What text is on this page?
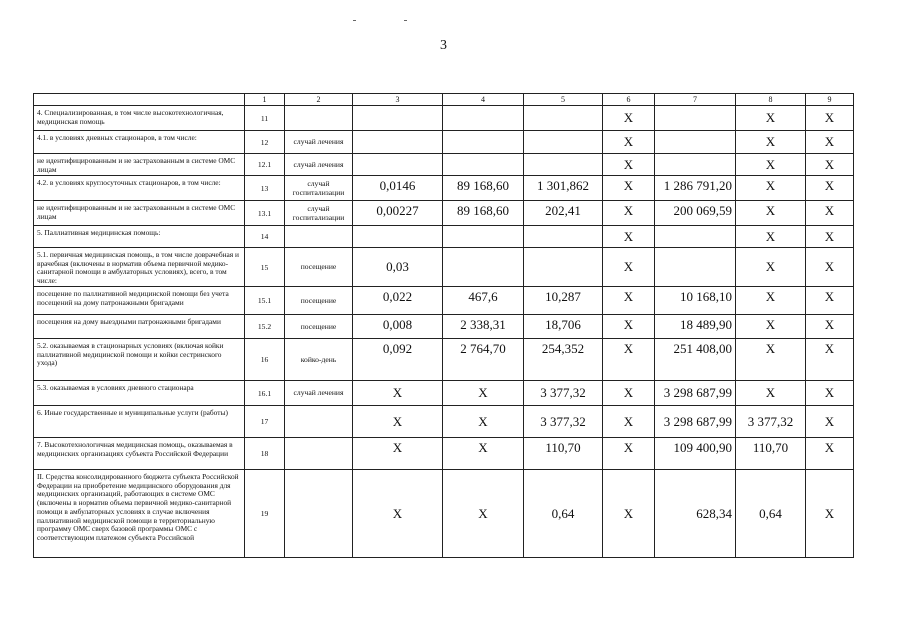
3
	1	2	3	4	5	6	7	8	9
4. Специализированная, в том числе высокотехнологичная, медицинская помощь	11					X		X	X
4.1. в условиях дневных стационаров, в том числе:	12	случай лечения				X		X	X
не идентифицированным и не застрахованным в системе ОМС лицам	12.1	случай лечения				X		X	X
4.2. в условиях круглосуточных стационаров, в том числе:	13	случай госпитализации	0,0146	89 168,60	1 301,862	X	1 286 791,20	X	X
не идентифицированным и не застрахованным в системе ОМС лицам	13.1	случай госпитализации	0,00227	89 168,60	202,41	X	200 069,59	X	X
5. Паллиативная медицинская помощь:	14					X		X	X
5.1. первичная медицинская помощь, в том числе доврачебная и врачебная (включены в норматив объема первичной медико-санитарной помощи в амбулаторных условиях), всего, в том числе:	15	посещение	0,03			X		X	X
посещение по паллиативной медицинской помощи без учета посещений на дому патронажными бригадами	15.1	посещение	0,022	467,6	10,287	X	10 168,10	X	X
посещения на дому выездными патронажными бригадами	15.2	посещение	0,008	2 338,31	18,706	X	18 489,90	X	X
5.2. оказываемая в стационарных условиях (включая койки паллиативной медицинской помощи и койки сестринского ухода)	16	койко-день	0,092	2 764,70	254,352	X	251 408,00	X	X
5.3. оказываемая в условиях дневного стационара	16.1	случай лечения	X	X	3 377,32	X	3 298 687,99	X	X
6. Иные государственные и муниципальные услуги (работы)	17		X	X	3 377,32	X	3 298 687,99	3 377,32	X
7. Высокотехнологичная медицинская помощь, оказываемая в медицинских организациях субъекта Российской Федерации	18		X	X	110,70	X	109 400,90	110,70	X
II. Средства консолидированного бюджета субъекта Российской Федерации на приобретение медицинского оборудования для медицинских организаций, работающих в системе ОМС (включены в норматив объема первичной медико-санитарной помощи в амбулаторных условиях в случае включения паллиативной медицинской помощи в территориальную программу ОМС сверх базовой программы ОМС с соответствующим платежом субъекта Российской	19		X	X	0,64	X	628,34	0,64	X
